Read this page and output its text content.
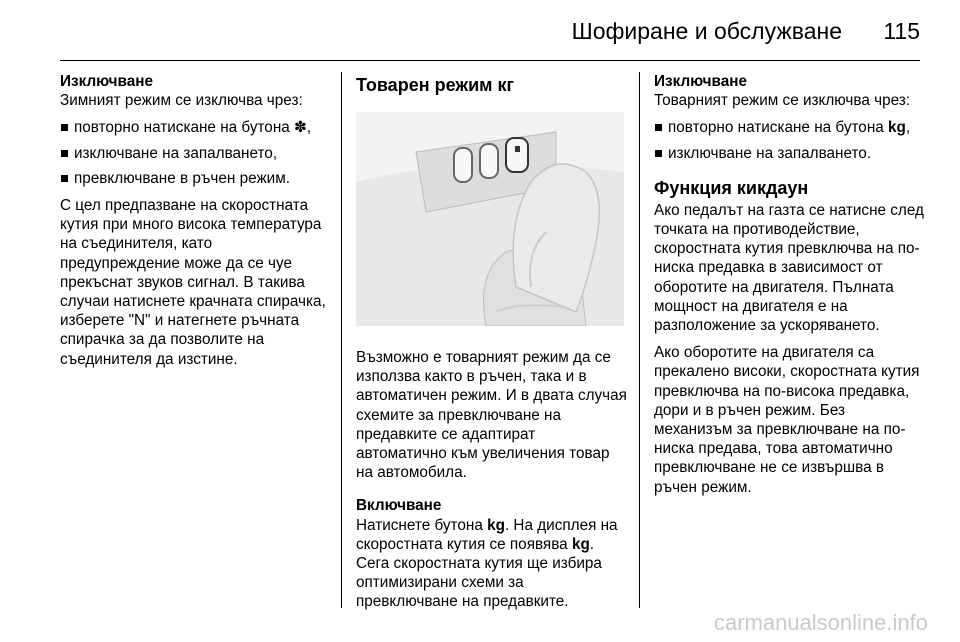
Шофиране и обслужване 115
Изключване
Зимният режим се изключва чрез:
повторно натискане на бутона ✽,
изключване на запалването,
превключване в ръчен режим.

С цел предпазване на скоростната кутия при много висока температура на съединителя, като предупреждение може да се чуе прекъснат звуков сигнал. В такива случаи натиснете крачната спирачка, изберете "N" и натегнете ръчната спирачка за да позволите на съединителя да изстине.

Товарен режим кг

Възможно е товарният режим да се използва както в ръчен, така и в автоматичен режим. И в двата случая схемите за превключване на предавките се адаптират автоматично към увеличения товар на автомобила.

Включване

Натиснете бутона kg. На дисплея на скоростната кутия се появява kg. Сега скоростната кутия ще избира оптимизирани схеми за превключване на предавките.

Изключване
Товарният режим се изключва чрез:
повторно натискане на бутона kg,
изключване на запалването.
Функция кикдаун

Ако педалът на газта се натисне след точката на противодействие, скоростната кутия превключва на по-ниска предавка в зависимост от оборотите на двигателя. Пълната мощност на двигателя е на разположение за ускоряването.

Ако оборотите на двигателя са прекалено високи, скоростната кутия превключва на по-висока предавка, дори и в ръчен режим. Без механизъм за превключване на по-ниска предава, това автоматично превключване не се извършва в ръчен режим.

carmanualsonline.info
